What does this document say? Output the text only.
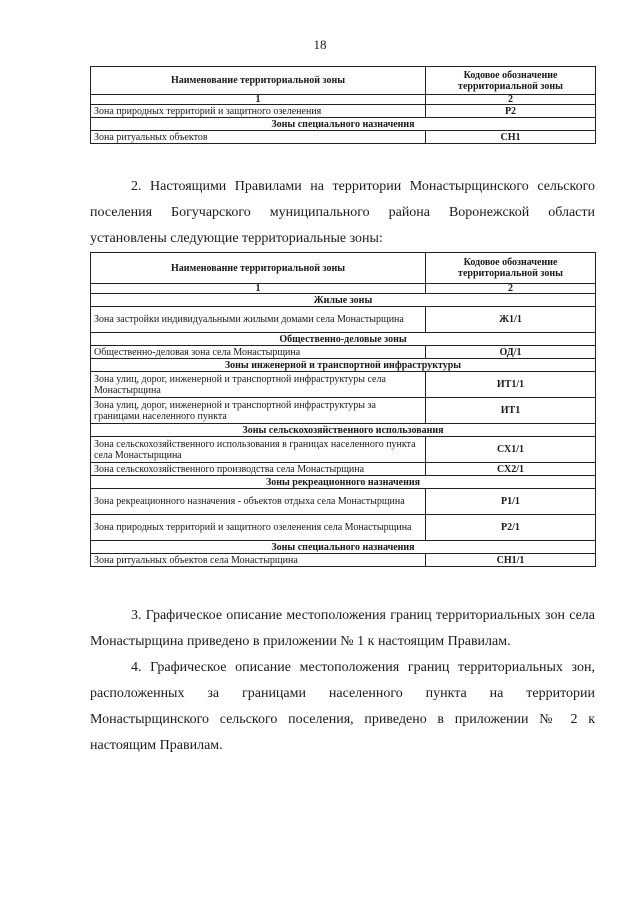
18
Наименование территориальной зоны	Кодовое обозначение территориальной зоны
1	2
Зона природных территорий и защитного озеленения	Р2
Зоны специального назначения	
Зона ритуальных объектов	СН1

2. Настоящими Правилами на территории Монастырщинского сельского поселения Богучарского муниципального района Воронежской области установлены следующие территориальные зоны:

Наименование территориальной зоны	Кодовое обозначение территориальной зоны
1	2
Жилые зоны	
Зона застройки индивидуальными жилыми домами села Монастырщина	Ж1/1
Общественно-деловые зоны	
Общественно-деловая зона села Монастырщина	ОД/1
Зоны инженерной и транспортной инфраструктуры	
Зона улиц, дорог, инженерной и транспортной инфраструктуры села Монастырщина	ИТ1/1
Зона улиц, дорог, инженерной и транспортной инфраструктуры за границами населенного пункта	ИТ1
Зоны сельскохозяйственного использования	
Зона сельскохозяйственного использования в границах населенного пункта села Монастырщина	СХ1/1
Зона сельскохозяйственного производства села Монастырщина	СХ2/1
Зоны рекреационного назначения	
Зона рекреационного назначения - объектов отдыха села Монастырщина	Р1/1
Зона природных территорий и защитного озеленения села Монастырщина	Р2/1
Зоны специального назначения	
Зона ритуальных объектов села Монастырщина	СН1/1

3. Графическое описание местоположения границ территориальных зон села Монастырщина приведено в приложении № 1 к настоящим Правилам.

4. Графическое описание местоположения границ территориальных зон, расположенных за границами населенного пункта на территории Монастырщинского сельского поселения, приведено в приложении № 2 к настоящим Правилам.
